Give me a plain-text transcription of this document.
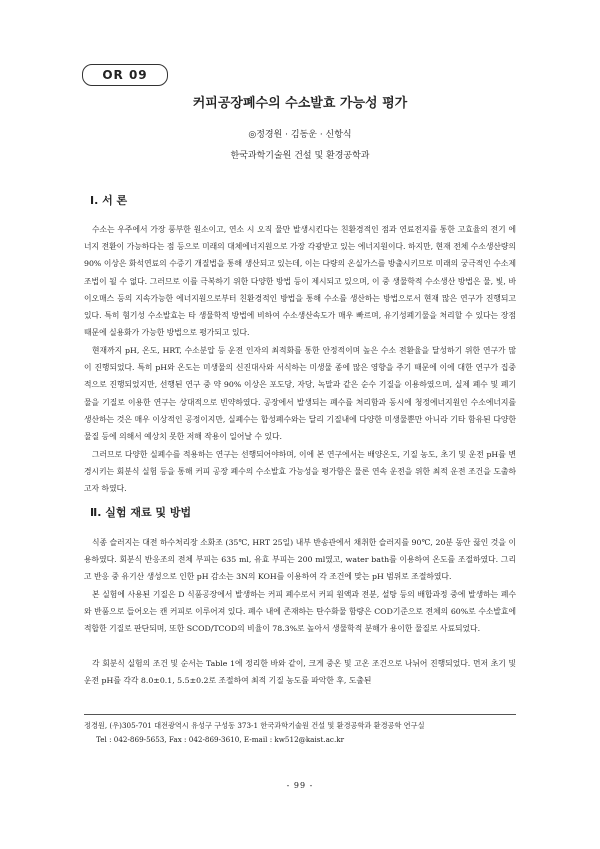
OR 09
커피공장폐수의 수소발효 가능성 평가
◎정경원 · 김동운 · 신항식
한국과학기술원 건설 및 환경공학과
Ⅰ. 서 론

수소는 우주에서 가장 풍부한 원소이고, 연소 시 오직 물만 발생시킨다는 친환경적인 점과 연료전지를 통한 고효율의 전기 에너지 전환이 가능하다는 점 등으로 미래의 대체에너지원으로 가장 각광받고 있는 에너지원이다. 하지만, 현재 전체 수소생산량의 90% 이상은 화석연료의 수증기 개질법을 통해 생산되고 있는데, 이는 다량의 온실가스를 방출시키므로 미래의 궁극적인 수소제조법이 될 수 없다. 그러므로 이를 극복하기 위한 다양한 방법 등이 제시되고 있으며, 이 중 생물학적 수소생산 방법은 물, 빛, 바이오매스 등의 지속가능한 에너지원으로부터 친환경적인 방법을 통해 수소를 생산하는 방법으로서 현재 많은 연구가 진행되고 있다. 특히 혐기성 수소발효는 타 생물학적 방법에 비하여 수소생산속도가 매우 빠르며, 유기성폐기물을 처리할 수 있다는 장점 때문에 실용화가 가능한 방법으로 평가되고 있다.

현재까지 pH, 온도, HRT, 수소분압 등 운전 인자의 최적화를 통한 안정적이며 높은 수소 전환율을 달성하기 위한 연구가 많이 진행되었다. 특히 pH와 온도는 미생물의 신진대사와 서식하는 미생물 종에 많은 영향을 주기 때문에 이에 대한 연구가 집중적으로 진행되었지만, 선행된 연구 중 약 90% 이상은 포도당, 자당, 녹말과 같은 순수 기질을 이용하였으며, 실제 폐수 및 폐기물을 기질로 이용한 연구는 상대적으로 빈약하였다. 공장에서 발생되는 폐수를 처리함과 동시에 청정에너지원인 수소에너지를 생산하는 것은 매우 이상적인 공정이지만, 실폐수는 합성폐수와는 달리 기질내에 다양한 미생물뿐만 아니라 기타 함유된 다양한 물질 등에 의해서 예상치 못한 저해 작용이 일어날 수 있다.

그러므로 다양한 실폐수를 적용하는 연구는 선행되어야하며, 이에 본 연구에서는 배양온도, 기질 농도, 초기 및 운전 pH를 변경시키는 회분식 실험 등을 통해 커피 공장 폐수의 수소발효 가능성을 평가함은 물론 연속 운전을 위한 최적 운전 조건을 도출하고자 하였다.

Ⅱ. 실험 재료 및 방법

식종 슬러지는 대전 하수처리장 소화조 (35℃, HRT 25일) 내부 반송관에서 채취한 슬러지를 90℃, 20분 동안 끓인 것을 이용하였다. 회분식 반응조의 전체 부피는 635 ml, 유효 부피는 200 ml였고, water bath를 이용하여 온도를 조절하였다. 그리고 반응 중 유기산 생성으로 인한 pH 감소는 3N의 KOH를 이용하여 각 조건에 맞는 pH 범위로 조절하였다.

본 실험에 사용된 기질은 D 식품공장에서 발생하는 커피 폐수로서 커피 원액과 전분, 설탕 등의 배합과정 중에 발생하는 폐수와 반품으로 들어오는 캔 커피로 이루어져 있다. 폐수 내에 존재하는 탄수화물 함량은 COD기준으로 전체의 60%로 수소발효에 적합한 기질로 판단되며, 또한 SCOD/TCOD의 비율이 78.3%로 높아서 생물학적 분해가 용이한 물질로 사료되었다.

각 회분식 실험의 조건 및 순서는 Table 1에 정리한 바와 같이, 크게 중온 및 고온 조건으로 나뉘어 진행되었다. 먼저 초기 및 운전 pH를 각각 8.0±0.1, 5.5±0.2로 조절하여 최적 기질 농도를 파악한 후, 도출된

정경원, (우)305-701 대전광역시 유성구 구성동 373-1 한국과학기술원 건설 및 환경공학과 환경공학 연구실
Tel : 042-869-5653, Fax : 042-869-3610, E-mail : kw512@kaist.ac.kr
- 99 -
